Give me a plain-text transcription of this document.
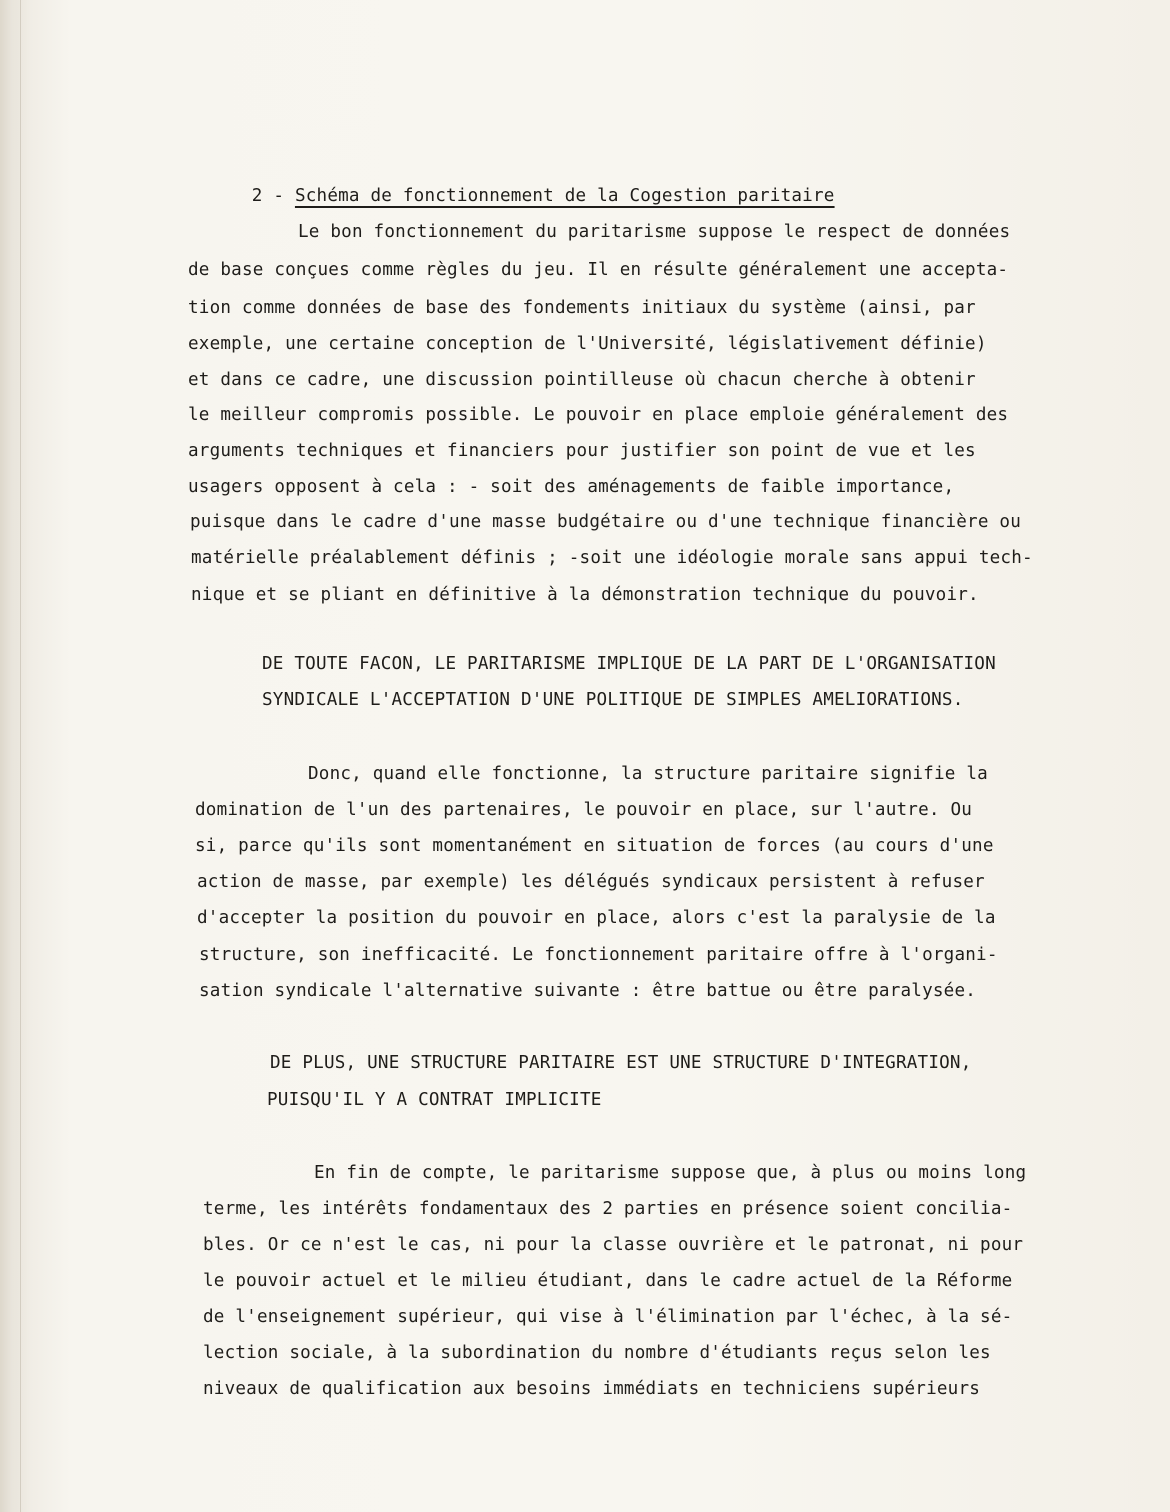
2 - Schéma de fonctionnement de la Cogestion paritaire

Le bon fonctionnement du paritarisme suppose le respect de données

de base conçues comme règles du jeu. Il en résulte généralement une accepta-

tion comme données de base des fondements initiaux du système (ainsi, par

exemple, une certaine conception de l'Université, législativement définie)

et dans ce cadre, une discussion pointilleuse où chacun cherche à obtenir

le meilleur compromis possible. Le pouvoir en place emploie généralement des

arguments techniques et financiers pour justifier son point de vue et les

usagers opposent à cela : - soit des aménagements de faible importance,

puisque dans le cadre d'une masse budgétaire ou d'une technique financière ou

matérielle préalablement définis ; -soit une idéologie morale sans appui tech-

nique et se pliant en définitive à la démonstration technique du pouvoir.

DE TOUTE FACON, LE PARITARISME IMPLIQUE DE LA PART DE L'ORGANISATION

SYNDICALE L'ACCEPTATION D'UNE POLITIQUE DE SIMPLES AMELIORATIONS.

Donc, quand elle fonctionne, la structure paritaire signifie la

domination de l'un des partenaires, le pouvoir en place, sur l'autre. Ou

si, parce qu'ils sont momentanément en situation de forces (au cours d'une

action de masse, par exemple) les délégués syndicaux persistent à refuser

d'accepter la position du pouvoir en place, alors c'est la paralysie de la

structure, son inefficacité. Le fonctionnement paritaire offre à l'organi-

sation syndicale l'alternative suivante : être battue ou être paralysée.

DE PLUS, UNE STRUCTURE PARITAIRE EST UNE STRUCTURE D'INTEGRATION,

PUISQU'IL Y A CONTRAT IMPLICITE

En fin de compte, le paritarisme suppose que, à plus ou moins long

terme, les intérêts fondamentaux des 2 parties en présence soient concilia-

bles. Or ce n'est le cas, ni pour la classe ouvrière et le patronat, ni pour

le pouvoir actuel et le milieu étudiant, dans le cadre actuel de la Réforme

de l'enseignement supérieur, qui vise à l'élimination par l'échec, à la sé-

lection sociale, à la subordination du nombre d'étudiants reçus selon les

niveaux de qualification aux besoins immédiats en techniciens supérieurs
